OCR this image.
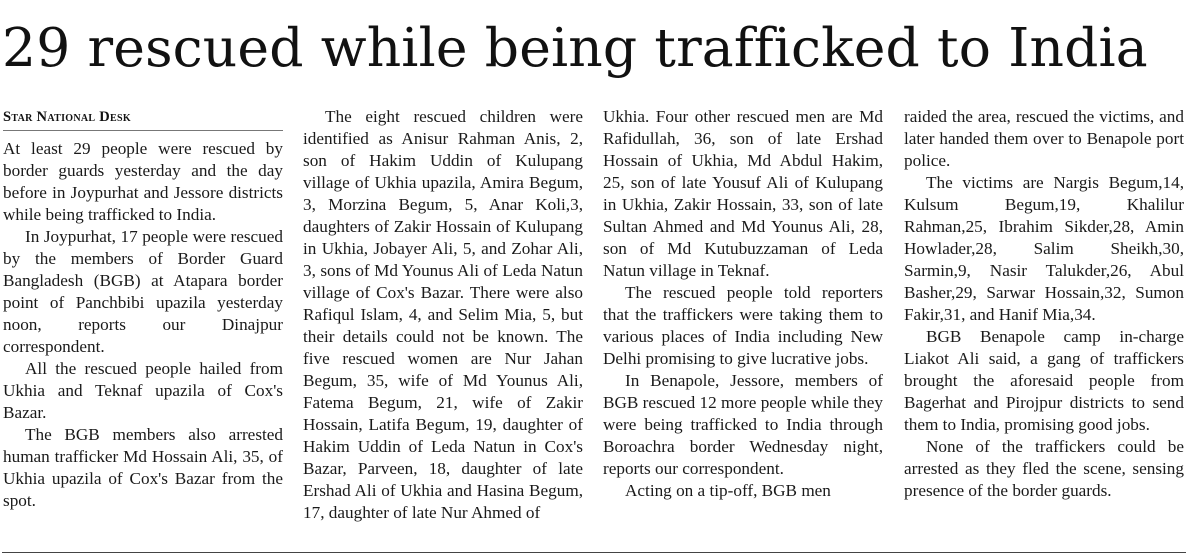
29 rescued while being trafficked to India
Star National Desk

At least 29 people were rescued by border guards yesterday and the day before in Joypurhat and Jessore districts while being trafficked to India.

In Joypurhat, 17 people were rescued by the members of Border Guard Bangladesh (BGB) at Atapara border point of Panchbibi upazila yesterday noon, reports our Dinajpur correspondent.

All the rescued people hailed from Ukhia and Teknaf upazila of Cox's Bazar.

The BGB members also arrested human trafficker Md Hossain Ali, 35, of Ukhia upazila of Cox's Bazar from the spot.

The eight rescued children were identified as Anisur Rahman Anis, 2, son of Hakim Uddin of Kulupang village of Ukhia upazila, Amira Begum, 3, Morzina Begum, 5, Anar Koli,3, daughters of Zakir Hossain of Kulupang in Ukhia, Jobayer Ali, 5, and Zohar Ali, 3, sons of Md Younus Ali of Leda Natun village of Cox's Bazar. There were also Rafiqul Islam, 4, and Selim Mia, 5, but their details could not be known. The five rescued women are Nur Jahan Begum, 35, wife of Md Younus Ali, Fatema Begum, 21, wife of Zakir Hossain, Latifa Begum, 19, daughter of Hakim Uddin of Leda Natun in Cox's Bazar, Parveen, 18, daughter of late Ershad Ali of Ukhia and Hasina Begum, 17, daughter of late Nur Ahmed of

Ukhia. Four other rescued men are Md Rafidullah, 36, son of late Ershad Hossain of Ukhia, Md Abdul Hakim, 25, son of late Yousuf Ali of Kulupang in Ukhia, Zakir Hossain, 33, son of late Sultan Ahmed and Md Younus Ali, 28, son of Md Kutubuzzaman of Leda Natun village in Teknaf.

The rescued people told reporters that the traffickers were taking them to various places of India including New Delhi promising to give lucrative jobs.

In Benapole, Jessore, members of BGB rescued 12 more people while they were being trafficked to India through Boroachra border Wednesday night, reports our correspondent.

Acting on a tip-off, BGB men

raided the area, rescued the victims, and later handed them over to Benapole port police.

The victims are Nargis Begum,14, Kulsum Begum,19, Khalilur Rahman,25, Ibrahim Sikder,28, Amin Howlader,28, Salim Sheikh,30, Sarmin,9, Nasir Talukder,26, Abul Basher,29, Sarwar Hossain,32, Sumon Fakir,31, and Hanif Mia,34.

BGB Benapole camp in-charge Liakot Ali said, a gang of traffickers brought the aforesaid people from Bagerhat and Pirojpur districts to send them to India, promising good jobs.

None of the traffickers could be arrested as they fled the scene, sensing presence of the border guards.
